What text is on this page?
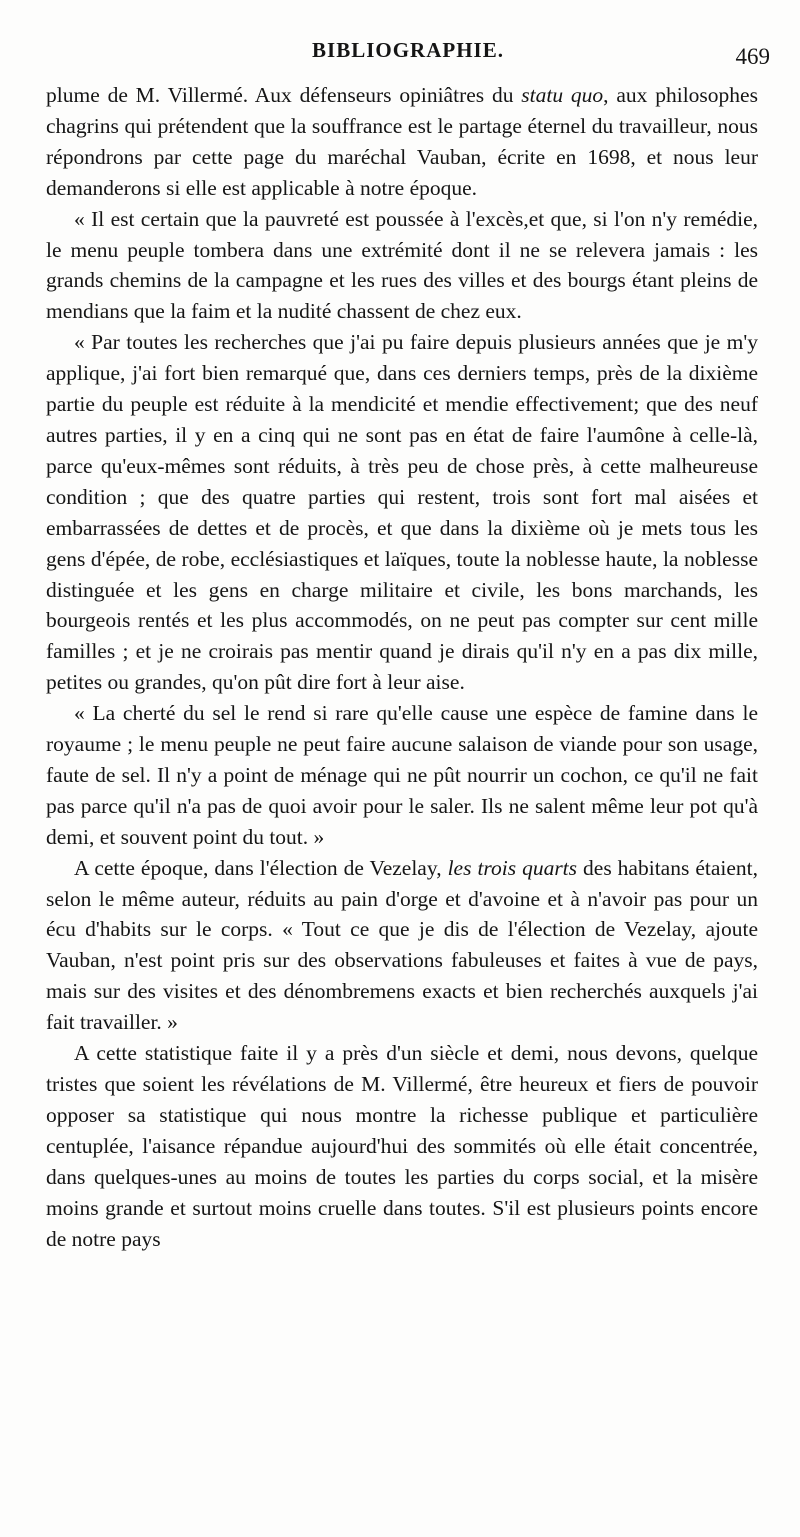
BIBLIOGRAPHIE.	469

plume de M. Villermé. Aux défenseurs opiniâtres du statu quo, aux philosophes chagrins qui prétendent que la souffrance est le partage éternel du travailleur, nous répondrons par cette page du maréchal Vauban, écrite en 1698, et nous leur demanderons si elle est applicable à notre époque.

« Il est certain que la pauvreté est poussée à l'excès,et que, si l'on n'y remédie, le menu peuple tombera dans une extrémité dont il ne se relevera jamais : les grands chemins de la campagne et les rues des villes et des bourgs étant pleins de mendians que la faim et la nudité chassent de chez eux.

« Par toutes les recherches que j'ai pu faire depuis plusieurs années que je m'y applique, j'ai fort bien remarqué que, dans ces derniers temps, près de la dixième partie du peuple est réduite à la mendicité et mendie effectivement; que des neuf autres parties, il y en a cinq qui ne sont pas en état de faire l'aumône à celle-là, parce qu'eux-mêmes sont réduits, à très peu de chose près, à cette malheureuse condition ; que des quatre parties qui restent, trois sont fort mal aisées et embarrassées de dettes et de procès, et que dans la dixième où je mets tous les gens d'épée, de robe, ecclésiastiques et laïques, toute la noblesse haute, la noblesse distinguée et les gens en charge militaire et civile, les bons marchands, les bourgeois rentés et les plus accommodés, on ne peut pas compter sur cent mille familles ; et je ne croirais pas mentir quand je dirais qu'il n'y en a pas dix mille, petites ou grandes, qu'on pût dire fort à leur aise.

« La cherté du sel le rend si rare qu'elle cause une espèce de famine dans le royaume ; le menu peuple ne peut faire aucune salaison de viande pour son usage, faute de sel. Il n'y a point de ménage qui ne pût nourrir un cochon, ce qu'il ne fait pas parce qu'il n'a pas de quoi avoir pour le saler. Ils ne salent même leur pot qu'à demi, et souvent point du tout. »

A cette époque, dans l'élection de Vezelay, les trois quarts des habitans étaient, selon le même auteur, réduits au pain d'orge et d'avoine et à n'avoir pas pour un écu d'habits sur le corps. « Tout ce que je dis de l'élection de Vezelay, ajoute Vauban, n'est point pris sur des observations fabuleuses et faites à vue de pays, mais sur des visites et des dénombremens exacts et bien recherchés auxquels j'ai fait travailler. »

A cette statistique faite il y a près d'un siècle et demi, nous devons, quelque tristes que soient les révélations de M. Villermé, être heureux et fiers de pouvoir opposer sa statistique qui nous montre la richesse publique et particulière centuplée, l'aisance répandue aujourd'hui des sommités où elle était concentrée, dans quelques-unes au moins de toutes les parties du corps social, et la misère moins grande et surtout moins cruelle dans toutes. S'il est plusieurs points encore de notre pays
